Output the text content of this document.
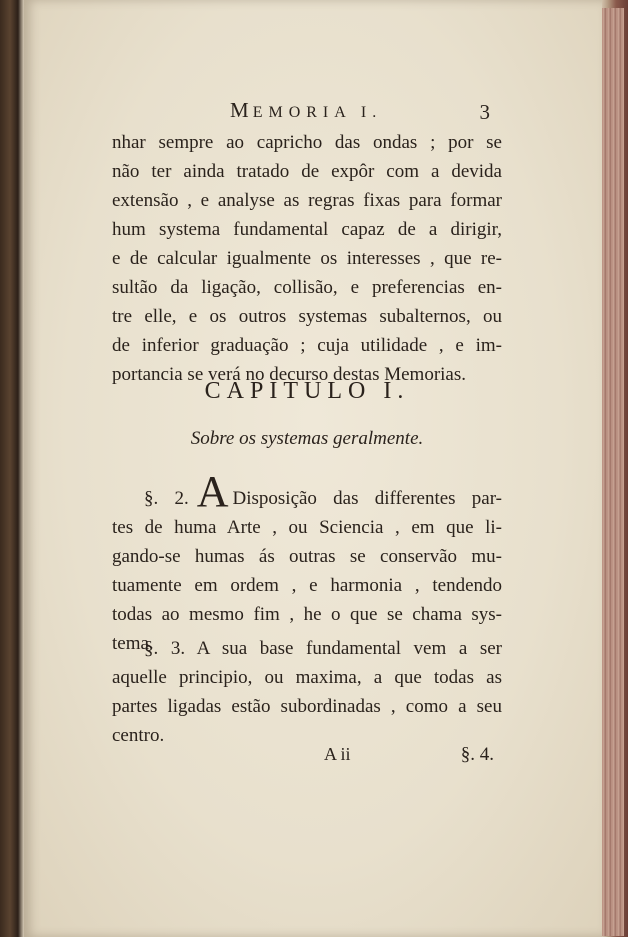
MEMORIA I.	3
nhar sempre ao capricho das ondas ; por se
não ter ainda tratado de expôr com a devida
extensão , e analyse as regras fixas para formar
hum systema fundamental capaz de a dirigir,
e de calcular igualmente os interesses , que re-
sultão da ligação, collisão, e preferencias en-
tre elle, e os outros systemas subalternos, ou
de inferior graduação ; cuja utilidade , e im-
portancia se verá no decurso destas Memorias.
CAPITULO I.
Sobre os systemas geralmente.
§. 2. A Disposição das differentes par-
tes de huma Arte , ou Sciencia , em que li-
gando-se humas ás outras se conservão mu-
tuamente em ordem , e harmonia , tendendo
todas ao mesmo fim , he o que se chama sys-
tema.
§. 3. A sua base fundamental vem a ser
aquelle principio, ou maxima, a que todas as
partes ligadas estão subordinadas , como a seu
centro.
A ii	§. 4.
